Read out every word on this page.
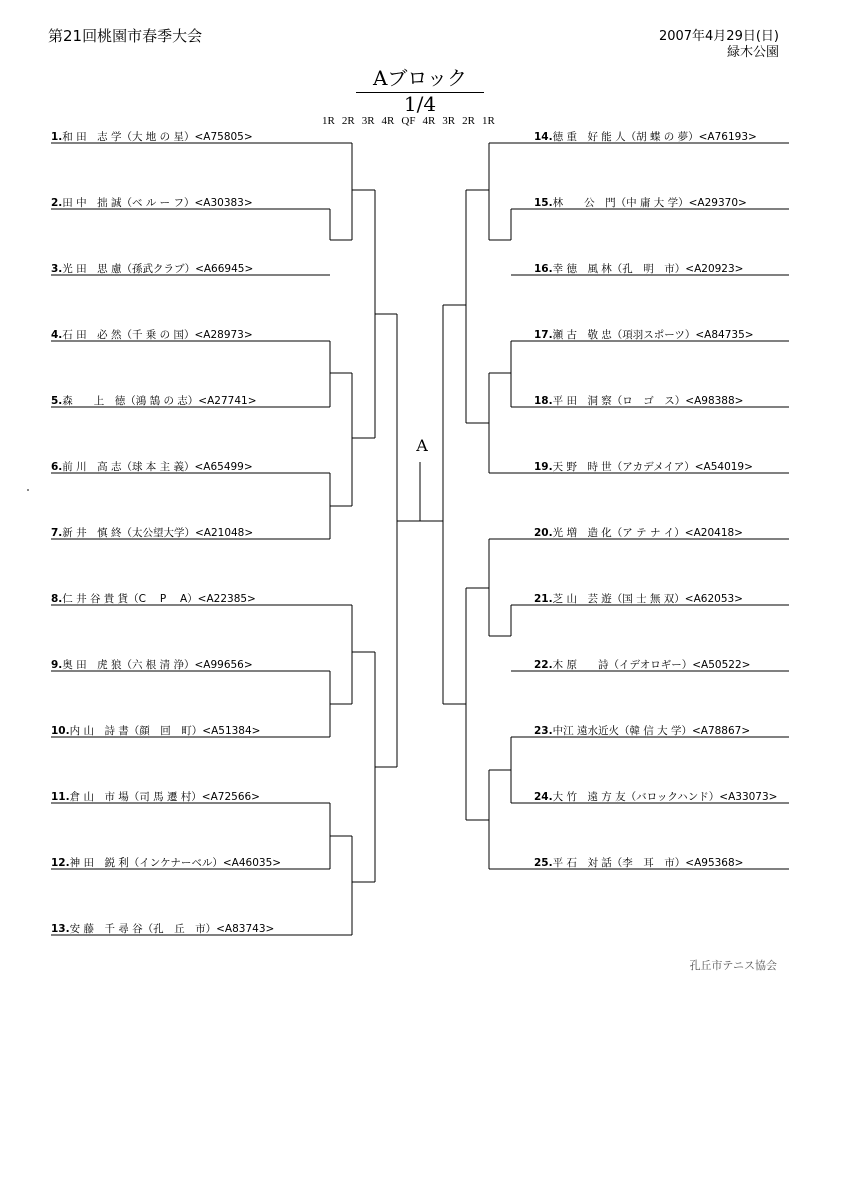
第21回桃園市春季大会	2007年4月29日(日)
緑木公園
Aブロック
1/4
1R 2R 3R 4R QF 4R 3R 2R 1R
1.和 田　志 学（大 地 の 星）<A75805>
2.田 中　拙 誠（ベ ル ー フ）<A30383>
3.光 田　思 慮（孫武クラブ）<A66945>
4.石 田　必 然（千 乗 の 国）<A28973>
5.森　　上　徳（鴻 鵠 の 志）<A27741>
6.前 川　高 志（球 本 主 義）<A65499>
7.新 井　慎 終（太公望大学）<A21048>
8.仁 井 谷 貴 貨（C　 P　 A）<A22385>
9.奥 田　虎 狼（六 根 清 浄）<A99656>
10.内 山　詩 書（顔　回　町）<A51384>
11.倉 山　市 場（司 馬 遷 村）<A72566>
12.神 田　鋭 利（インケナーベル）<A46035>
13.安 藤　千 尋 谷（孔　丘　市）<A83743>
14.徳 重　好 能 人（胡 蝶 の 夢）<A76193>
15.林　　公　門（中 庸 大 学）<A29370>
16.幸 徳　風 林（孔　明　市）<A20923>
17.瀬 古　敬 忠（項羽スポーツ）<A84735>
18.平 田　洞 察（ロ　ゴ　ス）<A98388>
19.天 野　時 世（アカデメイア）<A54019>
20.光 増　造 化（ア テ ナ イ）<A20418>
21.芝 山　芸 遊（国 士 無 双）<A62053>
22.木 原　　詩（イデオロギー）<A50522>
23.中江 遠水近火（韓 信 大 学）<A78867>
24.大 竹　遠 方 友（バロックハンド）<A33073>
25.平 石　対 話（李　耳　市）<A95368>
A
孔丘市テニス協会
